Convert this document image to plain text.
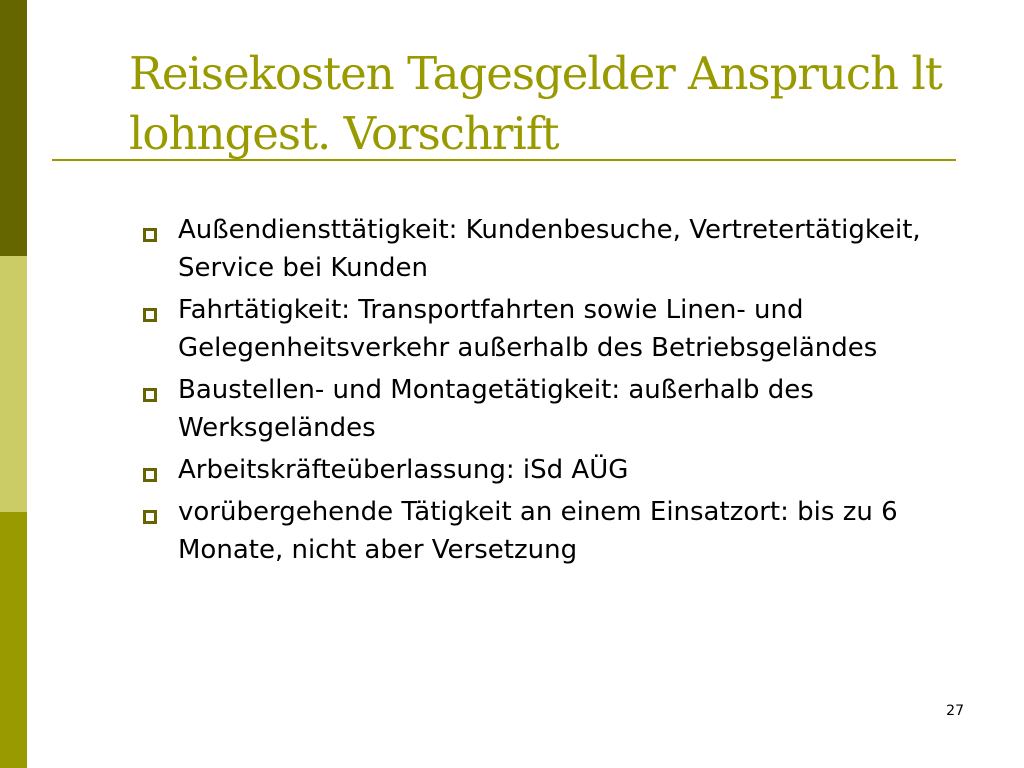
Reisekosten Tagesgelder Anspruch lt lohngest. Vorschrift
Außendiensttätigkeit: Kundenbesuche, Vertretertätigkeit, Service bei Kunden
Fahrtätigkeit: Transportfahrten sowie Linen- und Gelegenheitsverkehr außerhalb des Betriebsgeländes
Baustellen- und Montagetätigkeit: außerhalb des Werksgeländes
Arbeitskräfteüberlassung: iSd AÜG
vorübergehende Tätigkeit an einem Einsatzort: bis zu 6 Monate, nicht aber Versetzung
27
